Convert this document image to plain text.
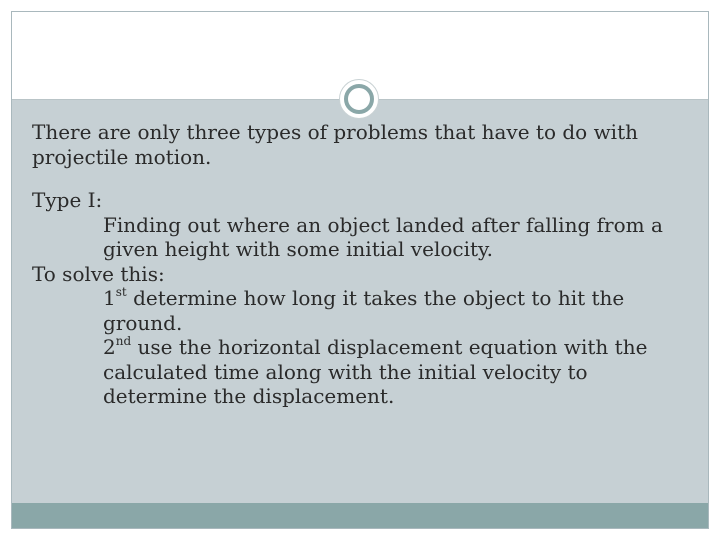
There are only three types of problems that have to do with projectile motion.

Type I:

Finding out where an object landed after falling from a given height with some initial velocity.

To solve this:

1st determine how long it takes the object to hit the ground.

2nd use the horizontal displacement equation with the calculated time along with the initial velocity to determine the displacement.
